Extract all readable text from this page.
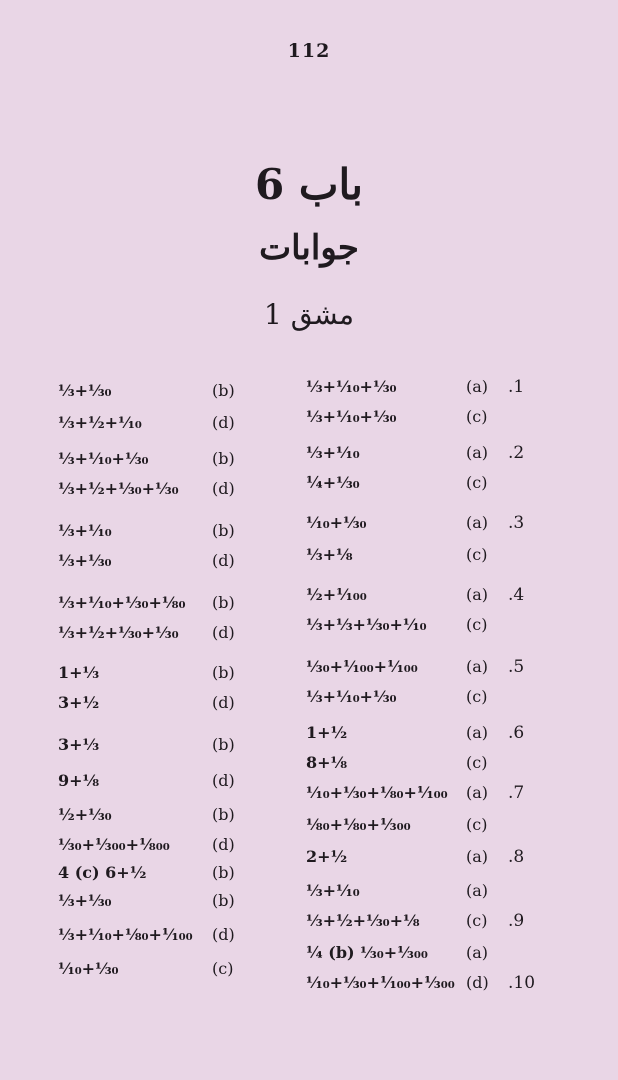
112
باب 6
جوابات
مشق 1
⅓+⅒+⅓₀	(a) .1
⅓+⅒+⅓₀	(c)
⅓+⅒	(a) .2
¼+⅓₀	(c)
⅒+⅓₀	(a) .3
⅓+⅛	(c)
½+¹⁄₁₀₀	(a) .4
⅓+⅓+⅓₀+⅒ (c)
⅓₀+¹⁄₁₀₀+¹⁄₁₀₀	(a) .5
⅓+⅒+⅓₀	(c)
1+½	(a) .6
8+⅛	(c)
⅒+⅓₀+⅛₀+¹⁄₁₀₀ (a) .7
⅛₀+⅛₀+¹⁄₃₀₀	(c)
2+½	(a) .8
⅓+⅒	(a)
⅓+½+⅓₀+⅛	(c) .9
¼ (b) ⅓₀+¹⁄₃₀₀ (a)
⅒+⅓₀+¹⁄₁₀₀+¹⁄₃₀₀ (d) .10
⅓+⅓₀	(b)
⅓+½+⅒	(d)
⅓+⅒+⅓₀	(b)
⅓+½+⅓₀+⅓₀ (d)
⅓+⅒	(b)
⅓+⅓₀	(d)
⅓+⅒+⅓₀+⅛₀ (b)
⅓+½+⅓₀+⅓₀ (d)
1+⅓	(b)
3+½	(d)
3+⅓	(b)
9+⅛	(d)
½+⅓₀	(b)
⅓₀+¹⁄₃₀₀+¹⁄₈₀₀	(d)
4 (c) 6+½	(b)
⅓+⅓₀	(b)
⅓+⅒+⅛₀+¹⁄₁₀₀ (d)
⅒+⅓₀	(c)
